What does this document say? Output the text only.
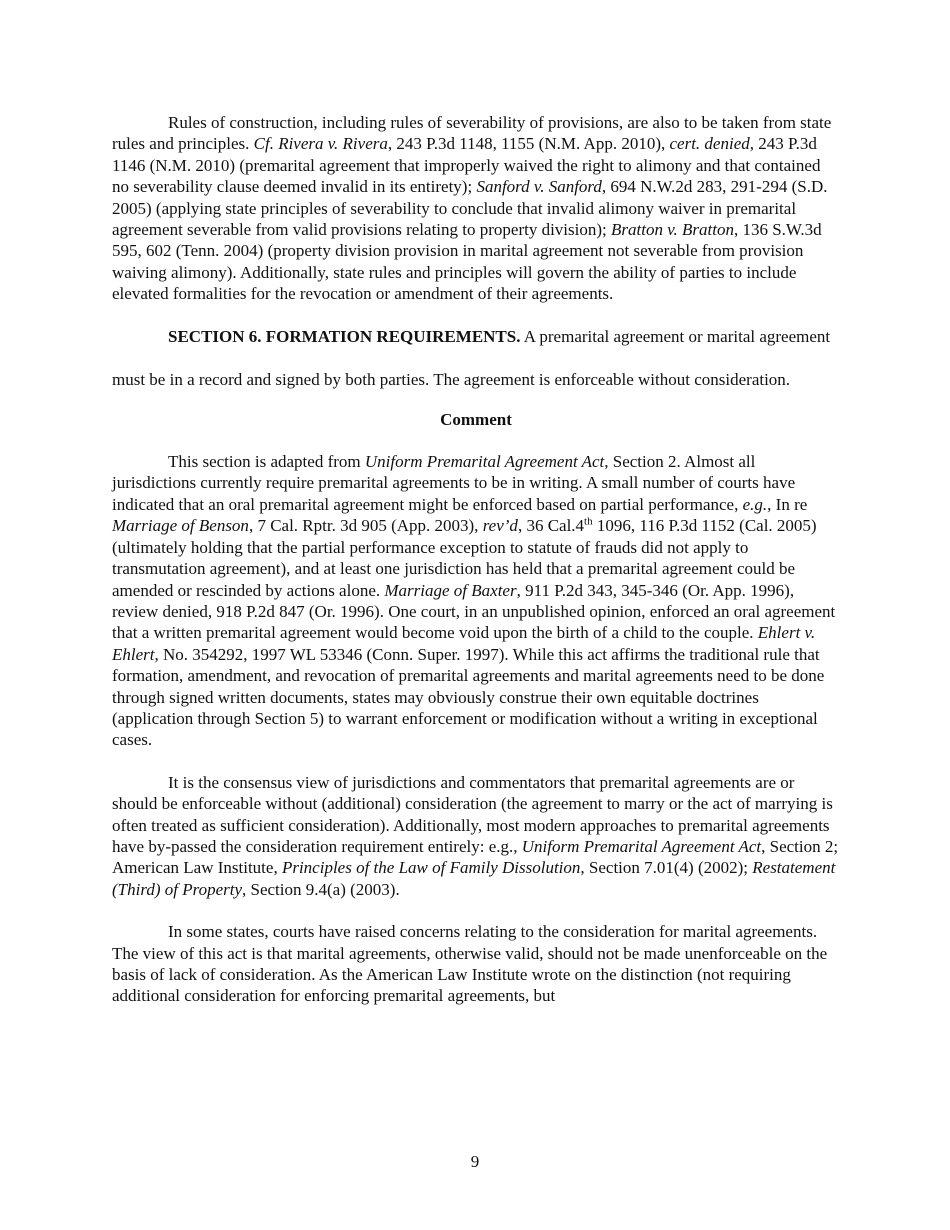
Rules of construction, including rules of severability of provisions, are also to be taken from state rules and principles. Cf. Rivera v. Rivera, 243 P.3d 1148, 1155 (N.M. App. 2010), cert. denied, 243 P.3d 1146 (N.M. 2010) (premarital agreement that improperly waived the right to alimony and that contained no severability clause deemed invalid in its entirety); Sanford v. Sanford, 694 N.W.2d 283, 291-294 (S.D. 2005) (applying state principles of severability to conclude that invalid alimony waiver in premarital agreement severable from valid provisions relating to property division); Bratton v. Bratton, 136 S.W.3d 595, 602 (Tenn. 2004) (property division provision in marital agreement not severable from provision waiving alimony). Additionally, state rules and principles will govern the ability of parties to include elevated formalities for the revocation or amendment of their agreements.

SECTION 6. FORMATION REQUIREMENTS. A premarital agreement or marital agreement must be in a record and signed by both parties. The agreement is enforceable without consideration.

Comment

This section is adapted from Uniform Premarital Agreement Act, Section 2. Almost all jurisdictions currently require premarital agreements to be in writing. A small number of courts have indicated that an oral premarital agreement might be enforced based on partial performance, e.g., In re Marriage of Benson, 7 Cal. Rptr. 3d 905 (App. 2003), rev’d, 36 Cal.4th 1096, 116 P.3d 1152 (Cal. 2005) (ultimately holding that the partial performance exception to statute of frauds did not apply to transmutation agreement), and at least one jurisdiction has held that a premarital agreement could be amended or rescinded by actions alone. Marriage of Baxter, 911 P.2d 343, 345-346 (Or. App. 1996), review denied, 918 P.2d 847 (Or. 1996). One court, in an unpublished opinion, enforced an oral agreement that a written premarital agreement would become void upon the birth of a child to the couple. Ehlert v. Ehlert, No. 354292, 1997 WL 53346 (Conn. Super. 1997). While this act affirms the traditional rule that formation, amendment, and revocation of premarital agreements and marital agreements need to be done through signed written documents, states may obviously construe their own equitable doctrines (application through Section 5) to warrant enforcement or modification without a writing in exceptional cases.

It is the consensus view of jurisdictions and commentators that premarital agreements are or should be enforceable without (additional) consideration (the agreement to marry or the act of marrying is often treated as sufficient consideration). Additionally, most modern approaches to premarital agreements have by-passed the consideration requirement entirely: e.g., Uniform Premarital Agreement Act, Section 2; American Law Institute, Principles of the Law of Family Dissolution, Section 7.01(4) (2002); Restatement (Third) of Property, Section 9.4(a) (2003).

In some states, courts have raised concerns relating to the consideration for marital agreements. The view of this act is that marital agreements, otherwise valid, should not be made unenforceable on the basis of lack of consideration. As the American Law Institute wrote on the distinction (not requiring additional consideration for enforcing premarital agreements, but

9
